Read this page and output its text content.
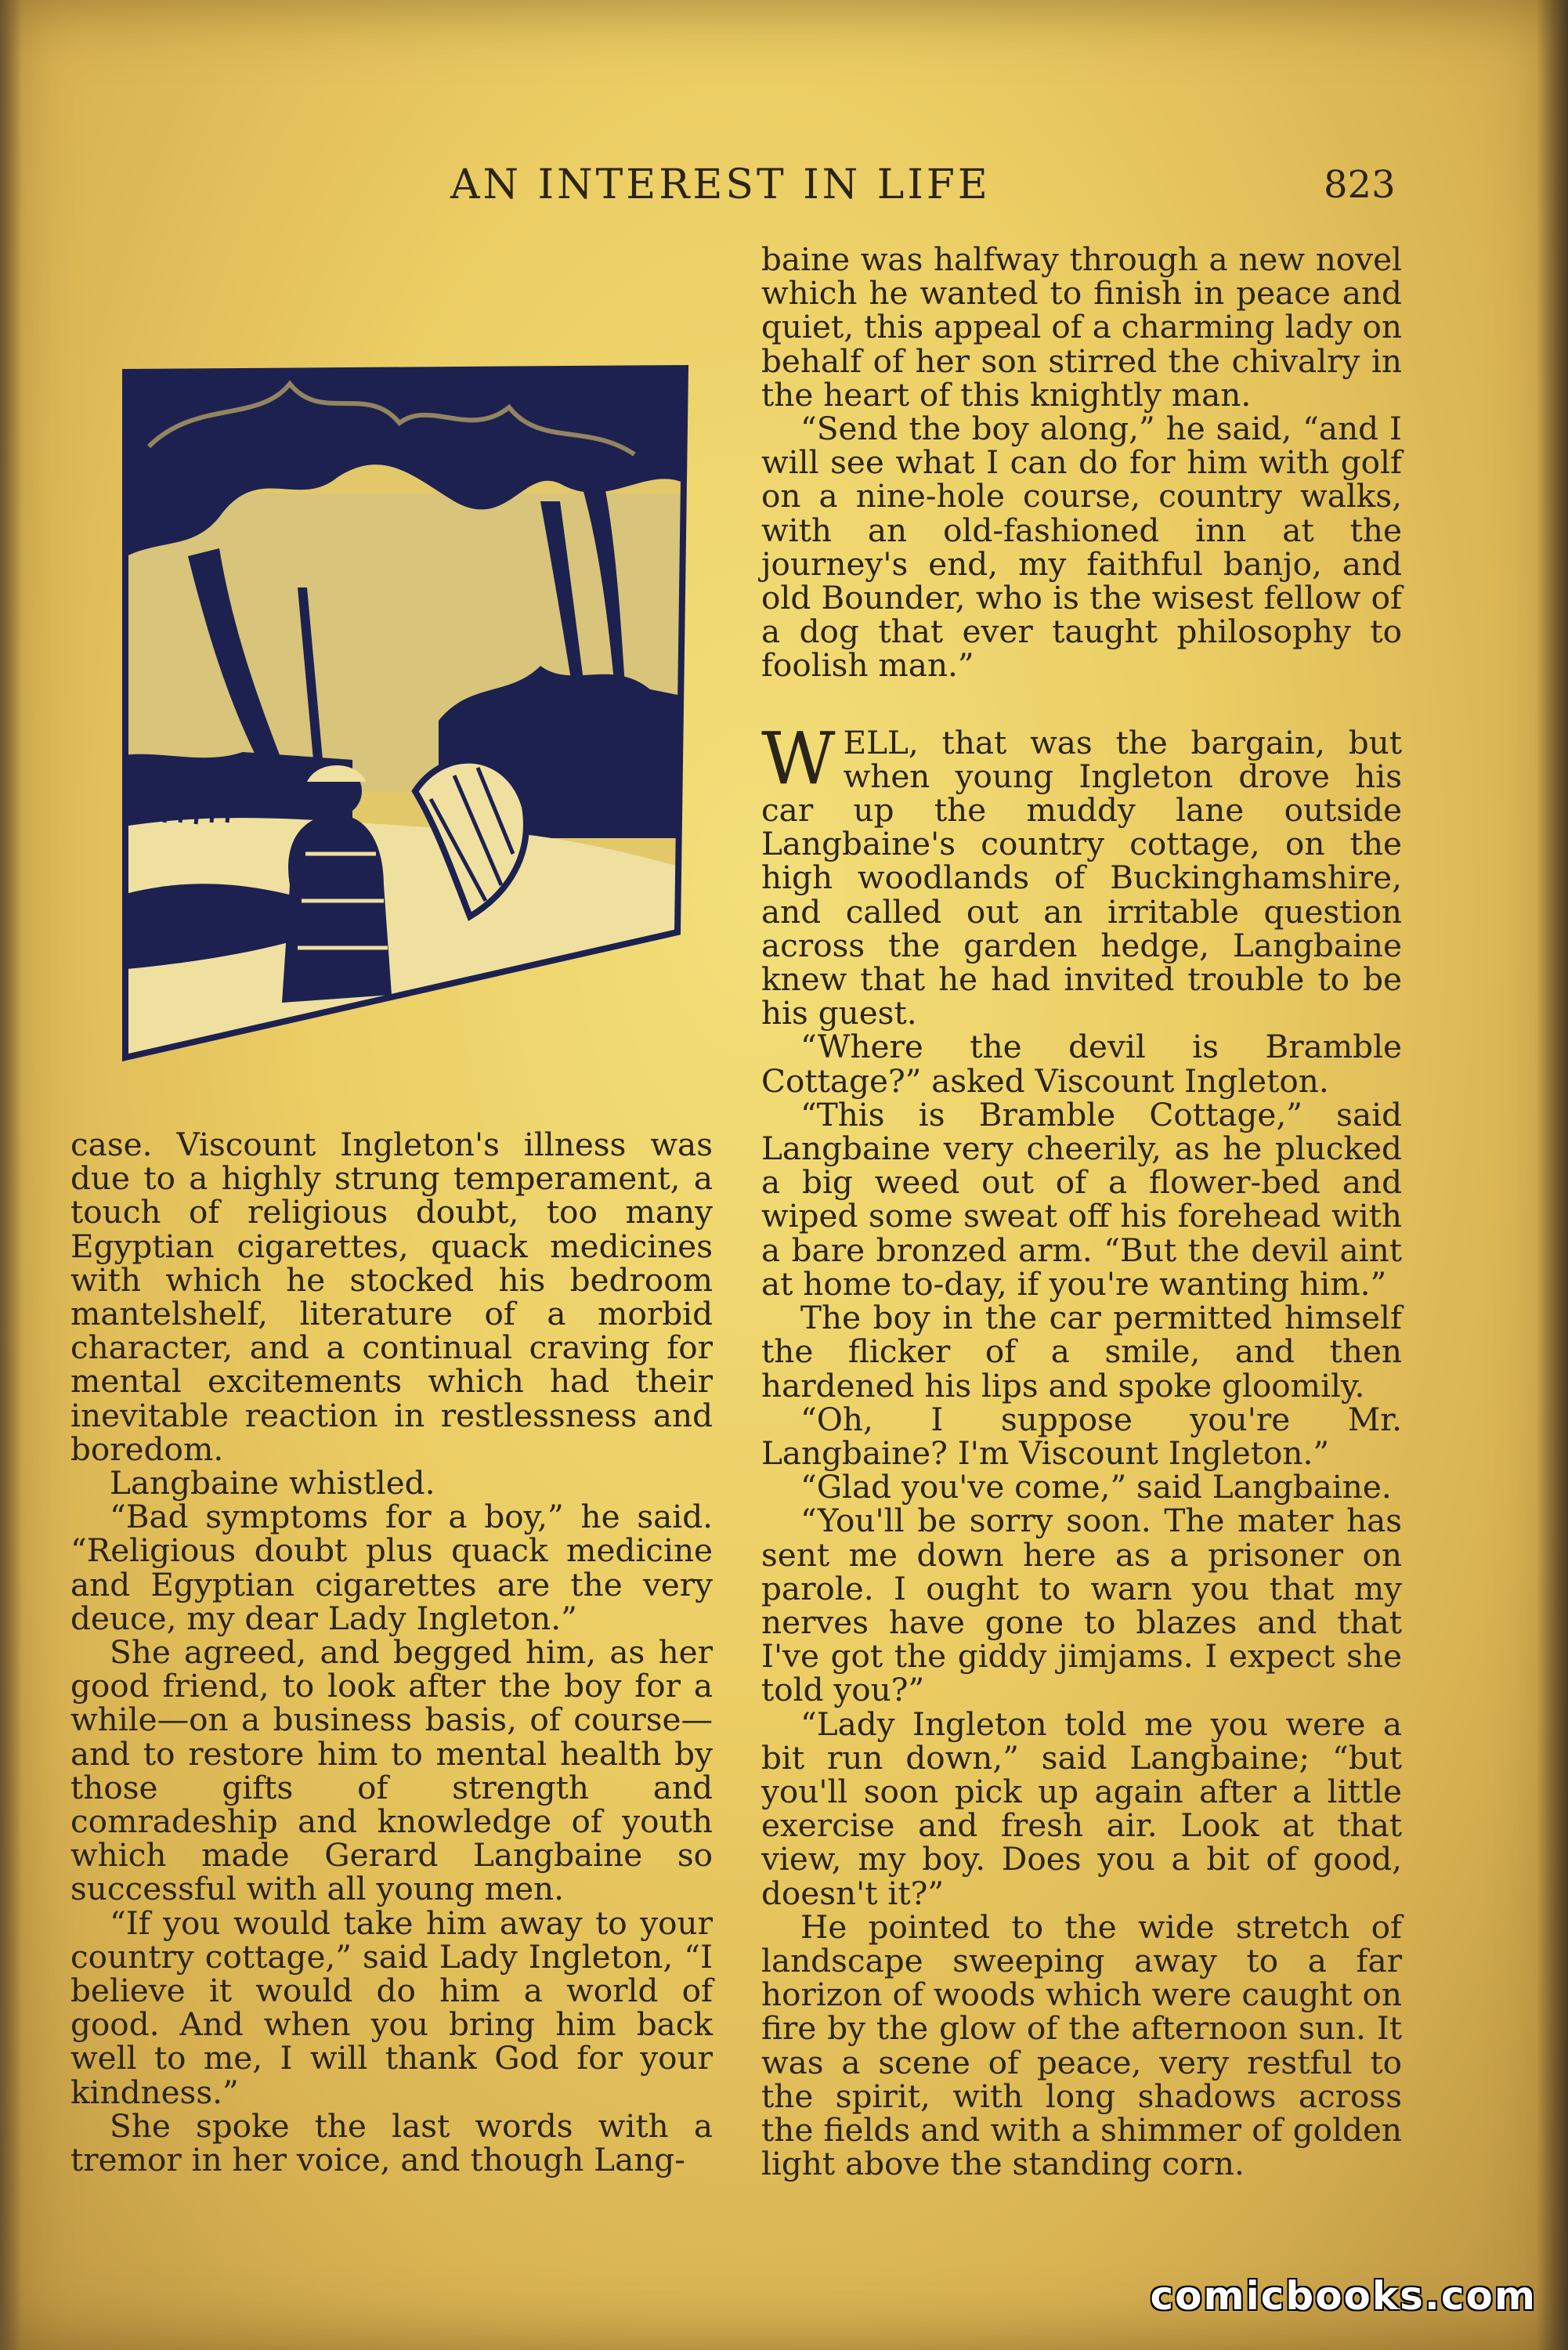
AN INTEREST IN LIFE	823

case. Viscount Ingleton's illness was due to a highly strung temperament, a touch of religious doubt, too many Egyptian cigarettes, quack medicines with which he stocked his bedroom mantelshelf, literature of a morbid character, and a continual craving for mental excitements which had their inevitable reaction in restlessness and boredom.

Langbaine whistled.

“Bad symptoms for a boy,” he said. “Religious doubt plus quack medicine and Egyptian cigarettes are the very deuce, my dear Lady Ingleton.”

She agreed, and begged him, as her good friend, to look after the boy for a while—on a business basis, of course—and to restore him to mental health by those gifts of strength and comradeship and knowledge of youth which made Gerard Langbaine so successful with all young men.

“If you would take him away to your country cottage,” said Lady Ingleton, “I believe it would do him a world of good. And when you bring him back well to me, I will thank God for your kindness.”

She spoke the last words with a tremor in her voice, and though Lang-

baine was halfway through a new novel which he wanted to finish in peace and quiet, this appeal of a charming lady on behalf of her son stirred the chivalry in the heart of this knightly man.

“Send the boy along,” he said, “and I will see what I can do for him with golf on a nine-hole course, country walks, with an old-fashioned inn at the journey's end, my faithful banjo, and old Bounder, who is the wisest fellow of a dog that ever taught philosophy to foolish man.”

WELL, that was the bargain, but when young Ingleton drove his car up the muddy lane outside Langbaine's country cottage, on the high woodlands of Buckinghamshire, and called out an irritable question across the garden hedge, Langbaine knew that he had invited trouble to be his guest.

“Where the devil is Bramble Cottage?” asked Viscount Ingleton.

“This is Bramble Cottage,” said Langbaine very cheerily, as he plucked a big weed out of a flower-bed and wiped some sweat off his forehead with a bare bronzed arm. “But the devil aint at home to-day, if you're wanting him.”

The boy in the car permitted himself the flicker of a smile, and then hardened his lips and spoke gloomily.

“Oh, I suppose you're Mr. Langbaine? I'm Viscount Ingleton.”

“Glad you've come,” said Langbaine.

“You'll be sorry soon. The mater has sent me down here as a prisoner on parole. I ought to warn you that my nerves have gone to blazes and that I've got the giddy jimjams. I expect she told you?”

“Lady Ingleton told me you were a bit run down,” said Langbaine; “but you'll soon pick up again after a little exercise and fresh air. Look at that view, my boy. Does you a bit of good, doesn't it?”

He pointed to the wide stretch of landscape sweeping away to a far horizon of woods which were caught on fire by the glow of the afternoon sun. It was a scene of peace, very restful to the spirit, with long shadows across the fields and with a shimmer of golden light above the standing corn.

comicbooks.com
